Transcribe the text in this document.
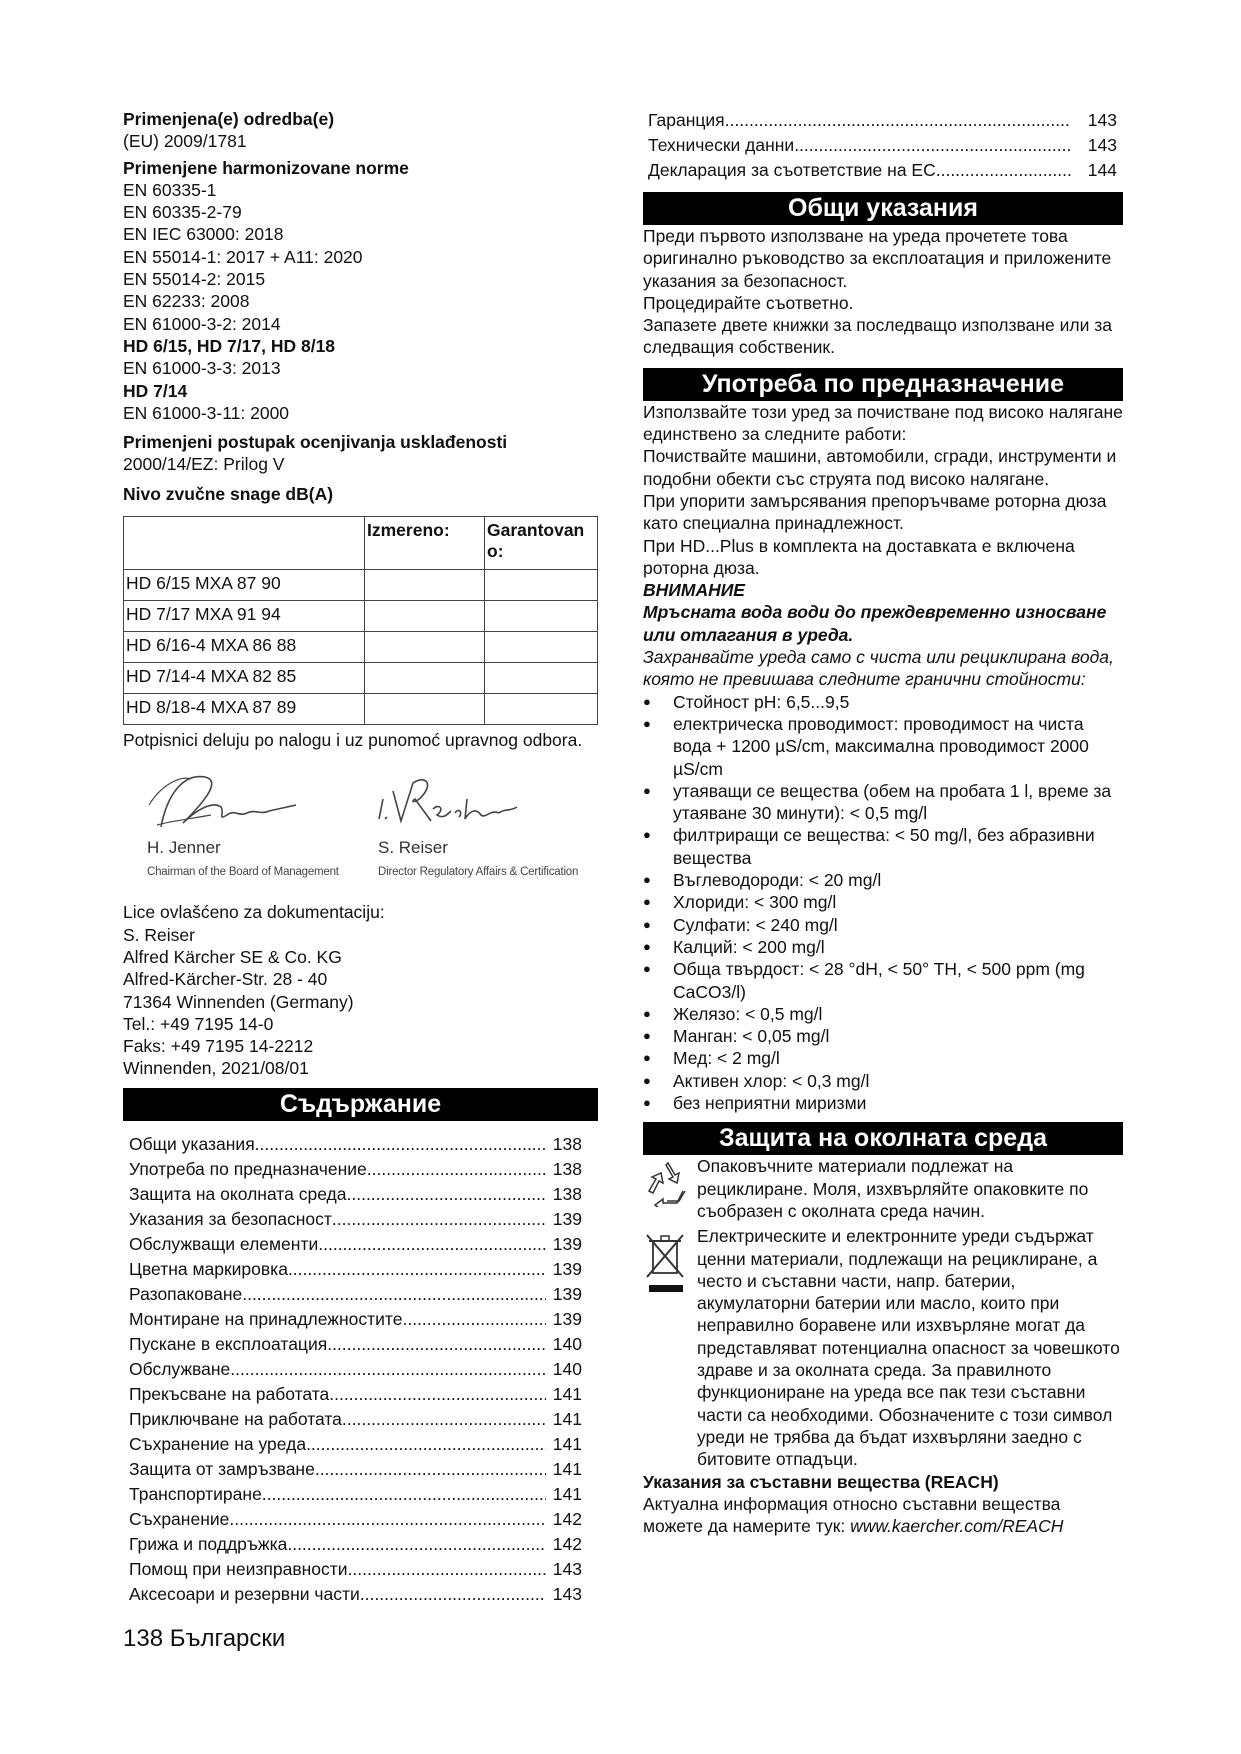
Primenjena(e) odredba(e)
(EU) 2009/1781
Primenjene harmonizovane norme
EN 60335-1
EN 60335-2-79
EN IEC 63000: 2018
EN 55014-1: 2017 + A11: 2020
EN 55014-2: 2015
EN 62233: 2008
EN 61000-3-2: 2014
HD 6/15, HD 7/17, HD 8/18
EN 61000-3-3: 2013
HD 7/14
EN 61000-3-11: 2000
Primenjeni postupak ocenjivanja usklađenosti
2000/14/EZ: Prilog V
Nivo zvučne snage dB(A)
	Izmereno:	Garantovan o:
HD 6/15 MXA 87 90		
HD 7/17 MXA 91 94		
HD 6/16-4 MXA 86 88		
HD 7/14-4 MXA 82 85		
HD 8/18-4 MXA 87 89		
Potpisnici deluju po nalogu i uz punomoć upravnog odbora.
H. Jenner
Chairman of the Board of Management
S. Reiser
Director Regulatory Affairs & Certification
Lice ovlašćeno za dokumentaciju:
S. Reiser
Alfred Kärcher SE & Co. KG
Alfred-Kärcher-Str. 28 - 40
71364 Winnenden (Germany)
Tel.: +49 7195 14-0
Faks: +49 7195 14-2212
Winnenden, 2021/08/01
Съдържание
Общи указания .....	138
Употреба по предназначение .....	138
Защита на околната среда .....	138
Указания за безопасност .....	139
Обслужващи елементи .....	139
Цветна маркировка .....	139
Разопаковане .....	139
Монтиране на принадлежностите .....	139
Пускане в експлоатация .....	140
Обслужване .....	140
Прекъсване на работата .....	141
Приключване на работата .....	141
Съхранение на уреда .....	141
Защита от замръзване .....	141
Транспортиране .....	141
Съхранение .....	142
Грижа и поддръжка .....	142
Помощ при неизправности .....	143
Аксесоари и резервни части .....	143
Гаранция .....	143
Технически данни .....	143
Декларация за съответствие на ЕС .....	144
Общи указания
Преди първото използване на уреда прочетете това оригинално ръководство за експлоатация и приложените указания за безопасност.
Процедирайте съответно.
Запазете двете книжки за последващо използване или за следващия собственик.
Употреба по предназначение
Използвайте този уред за почистване под високо налягане единствено за следните работи:
Почиствайте машини, автомобили, сгради, инструменти и подобни обекти със струята под високо налягане.
При упорити замърсявания препоръчваме роторна дюза като специална принадлежност.
При HD...Plus в комплекта на доставката е включена роторна дюза.
ВНИМАНИЕ
Мръсната вода води до преждевременно износване или отлагания в уреда.
Захранвайте уреда само с чиста или рециклирана вода, която не превишава следните гранични стойности:
● Стойност pH: 6,5...9,5
● електрическа проводимост: проводимост на чиста вода + 1200 µS/cm, максимална проводимост 2000 µS/cm
● утаяващи се вещества (обем на пробата 1 l, време за утаяване 30 минути): < 0,5 mg/l
● филтриращи се вещества: < 50 mg/l, без абразивни вещества
● Въглеводороди: < 20 mg/l
● Хлориди: < 300 mg/l
● Сулфати: < 240 mg/l
● Калций: < 200 mg/l
● Обща твърдост: < 28 °dH, < 50° TH, < 500 ppm (mg CaCO3/l)
● Желязо: < 0,5 mg/l
● Манган: < 0,05 mg/l
● Мед: < 2 mg/l
● Активен хлор: < 0,3 mg/l
● без неприятни миризми
Защита на околната среда
Опаковъчните материали подлежат на рециклиране. Моля, изхвърляйте опаковките по съобразен с околната среда начин.
Електрическите и електронните уреди съдържат ценни материали, подлежащи на рециклиране, а често и съставни части, напр. батерии, акумулаторни батерии или масло, които при неправилно боравене или изхвърляне могат да представляват потенциална опасност за човешкото здраве и за околната среда. За правилното функциониране на уреда все пак тези съставни части са необходими. Обозначените с този символ уреди не трябва да бъдат изхвърляни заедно с битовите отпадъци.
Указания за съставни вещества (REACH)
Актуална информация относно съставни вещества можете да намерите тук: www.kaercher.com/REACH
138 Български
